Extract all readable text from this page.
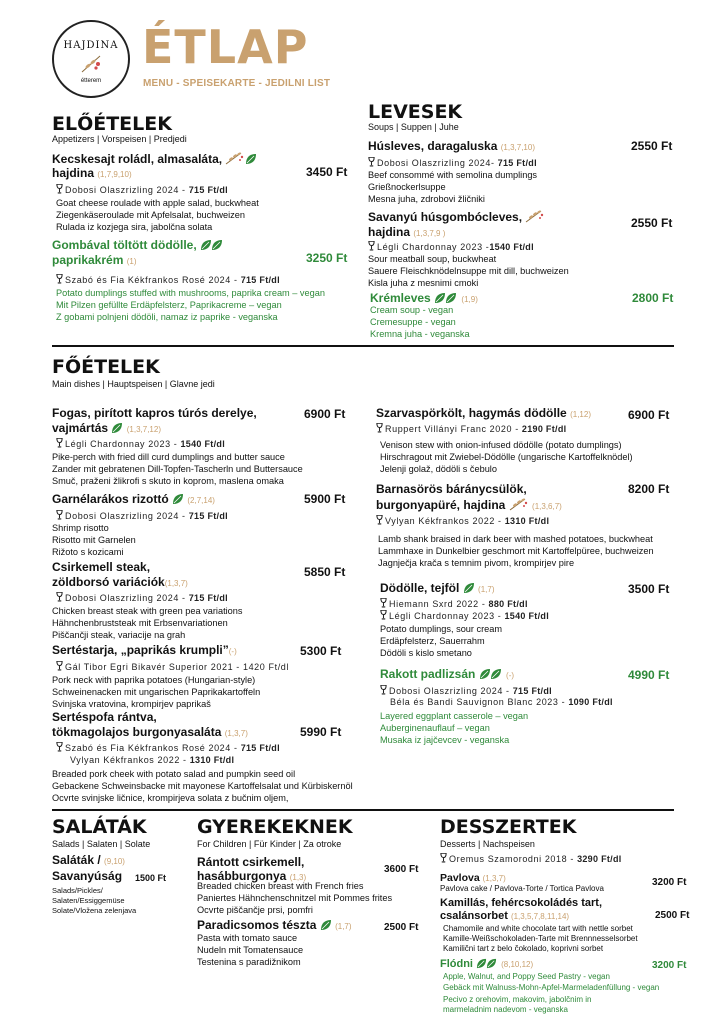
HAJDINA
étterem
ÉTLAP
MENU - SPEISEKARTE - JEDILNI LIST
ELŐÉTELEK
Appetizers | Vorspeisen | Predjedi
Kecskesajt roládl, almasaláta,
hajdina (1,7,9,10)	3450 Ft
Dobosi Olaszrizling 2024 - 715 Ft/dl
Goat cheese roulade with apple salad, buckwheat
Ziegenkäseroulade mit Apfelsalat, buchweizen
Rulada iz kozjega sira, jabolčna solata
Gombával töltött dödölle,
paprikakrém (1)	3250 Ft
Szabó és Fia Kékfrankos Rosé 2024 - 715 Ft/dl
Potato dumplings stuffed with mushrooms, paprika cream – vegan
Mit Pilzen gefüllte Erdäpfelsterz, Paprikacreme – vegan
Z gobami polnjeni dödöli, namaz iz paprike - veganska
LEVESEK
Soups | Suppen | Juhe
Húsleves, daragaluska (1,3,7,10)	2550 Ft
Dobosi Olaszrizling 2024- 715 Ft/dl
Beef consommé with semolina dumplings
Grießnockerlsuppe
Mesna juha, zdrobovi žličniki
Savanyú húsgombócleves,
hajdina (1,3,7,9 )
2550 Ft
Légli Chardonnay 2023 -1540 Ft/dl
Sour meatball soup, buckwheat
Sauere Fleischknödelnsuppe mit dill, buchweizen
Kisla juha z mesnimi cmoki
Krémleves	(1,9)	2800 Ft
Cream soup - vegan
Cremesuppe - vegan
Kremna juha - veganska
FŐÉTELEK
Main dishes | Hauptspeisen | Glavne jedi
Fogas, pirított kapros túrós derelye,
vajmártás (1,3,7,12)
6900 Ft
Légli Chardonnay 2023 - 1540 Ft/dl
Pike-perch with fried dill curd dumplings and butter sauce
Zander mit gebratenen Dill-Topfen-Tascherln und Buttersauce
Smuč, praženi žlikrofi s skuto in koprom, maslena omaka
Garnélarákos rizottó (2,7,14)	5900 Ft
Dobosi Olaszrizling 2024 - 715 Ft/dl
Shrimp risotto
Risotto mit Garnelen
Rižoto s kozicami
Csirkemell steak,
zöldborsó variációk(1,3,7)
5850 Ft
Dobosi Olaszrizling 2024 - 715 Ft/dl
Chicken breast steak with green pea variations
Hähnchenbruststeak mit Erbsenvariationen
Piščančji steak, variacije na grah
Sertéstarja, „paprikás krumpli”(-)	5300 Ft
Gál Tibor Egri Bikavér Superior 2021 - 1420 Ft/dl
Pork neck with paprika potatoes (Hungarian-style)
Schweinenacken mit ungarischen Paprikakartoffeln
Svinjska vratovina, krompirjev paprikaš
Sertéspofa rántva,
tökmagolajos burgonyasaláta (1,3,7)	5990 Ft
Szabó és Fia Kékfrankos Rosé 2024 - 715 Ft/dl
Vylyan Kékfrankos 2022 - 1310 Ft/dl
Breaded pork cheek with potato salad and pumpkin seed oil
Gebackene Schweinsbacke mit mayonese Kartoffelsalat und Kürbiskernöl
Ocvrte svinjske ličnice, krompirjeva solata z bučnim oljem,
Szarvaspörkölt, hagymás dödölle (1,12)	6900 Ft
Ruppert Villányi Franc 2020 - 2190 Ft/dl
Venison stew with onion-infused dödölle (potato dumplings)
Hirschragout mit Zwiebel-Dödölle (ungarische Kartoffelknödel)
Jelenji golaž, dödöli s čebulo
Barnasörös báránycsülök,
burgonyapüré, hajdina	(1,3,6,7)
8200 Ft
Vylyan Kékfrankos 2022 - 1310 Ft/dl
Lamb shank braised in dark beer with mashed potatoes, buckwheat
Lammhaxe in Dunkelbier geschmort mit Kartoffelpüree, buchweizen
Jagnječja krača s temnim pivom, krompirjev pire
Dödölle, tejföl (1,7)	3500 Ft
Hiemann Sxrd 2022 - 880 Ft/dl
Légli Chardonnay 2023 - 1540 Ft/dl
Potato dumplings, sour cream
Erdäpfelsterz, Sauerrahm
Dödöli s kislo smetano
Rakott padlizsán	(-)	4990 Ft
Dobosi Olaszrizling 2024 - 715 Ft/dl
Béla és Bandi Sauvignon Blanc 2023 - 1090 Ft/dl
Layered eggplant casserole – vegan
Auberginenauflauf – vegan
Musaka iz jajčevcev - veganska
SALÁTÁK
Salads | Salaten | Solate
Saláták / (9,10)
Savanyúság 1500 Ft
Salads/Pickles/
Salaten/Essiggemüse
Solate/Vložena zelenjava
GYEREKEKNEK
For Children | Für Kinder | Za otroke
Rántott csirkemell,
hasábburgonya (1,3)
3600 Ft
Breaded chicken breast with French fries
Paniertes Hähnchenschnitzel mit Pommes frites
Ocvrte piščančje prsi, pomfri
Paradicsomos tészta (1,7)	2500 Ft
Pasta with tomato sauce
Nudeln mit Tomatensauce
Testenina s paradižnikom
DESSZERTEK
Desserts | Nachspeisen
Oremus Szamorodni 2018 - 3290 Ft/dl
Pavlova (1,3,7)	3200 Ft
Pavlova cake / Pavlova-Torte / Tortica Pavlova
Kamillás, fehércsokoládés tart,
csalánsorbet (1,3,5,7,8,11,14)	2500 Ft
Chamomile and white chocolate tart with nettle sorbet
Kamille-Weißschokoladen-Tarte mit Brennnesselsorbet
Kamilični tart z belo čokolado, koprivni sorbet
Flódni	(8,10,12)	3200 Ft
Apple, Walnut, and Poppy Seed Pastry - vegan
Gebäck mit Walnuss-Mohn-Apfel-Marmeladenfüllung - vegan
Pecivo z orehovim, makovim, jabolčnim in
marmeladnim nadevom - veganska
